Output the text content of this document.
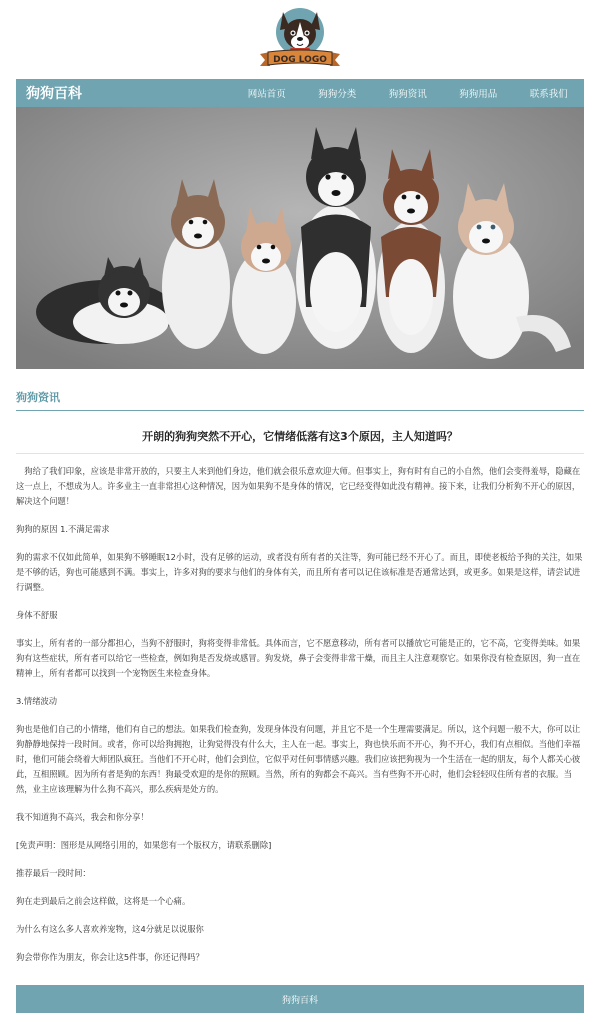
DOG LOGO
狗狗百科	网站首页	狗狗分类	狗狗资讯	狗狗用品	联系我们
狗狗资讯
开朗的狗狗突然不开心，它情绪低落有这3个原因，主人知道吗？

　狗给了我们印象，应该是非常开放的，只要主人来到他们身边，他们就会很乐意欢迎大师。但事实上，狗有时有自己的小自然，他们会变得羞辱，隐藏在这一点上，不想成为人。许多业主一直非常担心这种情况，因为如果狗不是身体的情况，它已经变得如此没有精神。接下来，让我们分析狗不开心的原因，解决这个问题！

狗狗的原因 1.不满足需求

狗的需求不仅如此简单，如果狗不够睡眠12小时，没有足够的运动，或者没有所有者的关注等，狗可能已经不开心了。而且，即使老板给予狗的关注，如果是不够的话，狗也可能感到不满。事实上，许多对狗的要求与他们的身体有关，而且所有者可以记住该标准是否通常达到，或更多。如果是这样，请尝试进行调整。

身体不舒服

事实上，所有者的一部分都担心，当狗不舒服时，狗将变得非常低。具体而言，它不愿意移动，所有者可以播放它可能是正的，它不高，它变得美味。如果狗有这些症状，所有者可以给它一些检查，例如狗是否发烧或感冒。狗发烧，鼻子会变得非常干燥，而且主人注意观察它。如果你没有检查原因，狗一直在精神上，所有者都可以找到一个宠物医生来检查身体。

3.情绪波动

狗也是他们自己的小情绪，他们有自己的想法。如果我们检查狗，发现身体没有问题，并且它不是一个生理需要满足。所以，这个问题一般不大，你可以让狗静静地保持一段时间。或者，你可以给狗拥抱，让狗觉得没有什么大，主人在一起。事实上，狗也快乐而不开心，狗不开心，我们有点相似。当他们幸福时，他们可能会绕着大师团队疯狂。当他们不开心时，他们会到位，它似乎对任何事情感兴趣。我们应该把狗视为一个生活在一起的朋友，每个人都关心彼此，互相照顾。因为所有者是狗的东西！狗最受欢迎的是你的照顾。当然，所有的狗都会不高兴。当有些狗不开心时，他们会轻轻叹住所有者的衣服。当然，业主应该理解为什么狗不高兴，那么疾病是处方的。

我不知道狗不高兴，我会和你分享！

[免责声明：图形是从网络引用的，如果您有一个版权方，请联系删除]

推荐最后一段时间：

狗在走到最后之前会这样做，这将是一个心痛。

为什么有这么多人喜欢养宠物，这4分就足以说服你

狗会带你作为朋友，你会让这5件事，你还记得吗？

狗狗百科
